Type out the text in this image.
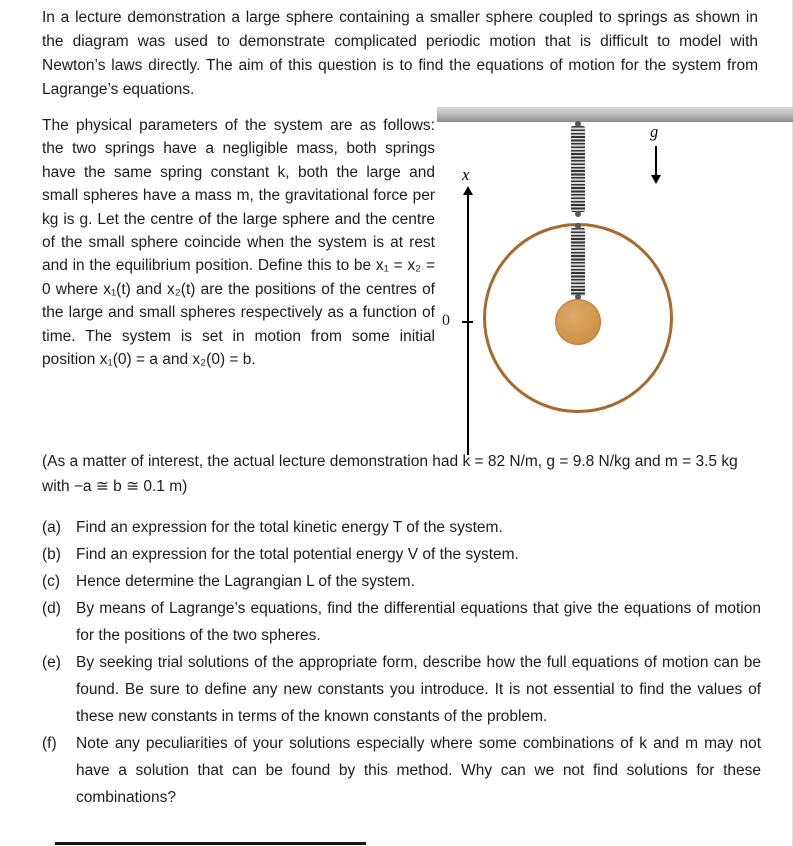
In a lecture demonstration a large sphere containing a smaller sphere coupled to springs as shown in the diagram was used to demonstrate complicated periodic motion that is difficult to model with Newton’s laws directly. The aim of this question is to find the equations of motion for the system from Lagrange’s equations.
The physical parameters of the system are as follows: the two springs have a negligible mass, both springs have the same spring constant k, both the large and small spheres have a mass m, the gravitational force per kg is g. Let the centre of the large sphere and the centre of the small sphere coincide when the system is at rest and in the equilibrium position. Define this to be x₁ = x₂ = 0 where x₁(t) and x₂(t) are the positions of the centres of the large and small spheres respectively as a function of time. The system is set in motion from some initial position x₁(0) = a and x₂(0) = b.
g
x
0
(As a matter of interest, the actual lecture demonstration had k = 82 N/m, g = 9.8 N/kg and m = 3.5 kg with −a ≅ b ≅ 0.1 m)
(a) Find an expression for the total kinetic energy T of the system.
(b) Find an expression for the total potential energy V of the system.
(c)	Hence determine the Lagrangian L of the system.
(d) By means of Lagrange’s equations, find the differential equations that give the equations of motion for the positions of the two spheres.
(e) By seeking trial solutions of the appropriate form, describe how the full equations of motion can be found. Be sure to define any new constants you introduce. It is not essential to find the values of these new constants in terms of the known constants of the problem.
(f)	Note any peculiarities of your solutions especially where some combinations of k and m may not have a solution that can be found by this method. Why can we not find solutions for these combinations?
